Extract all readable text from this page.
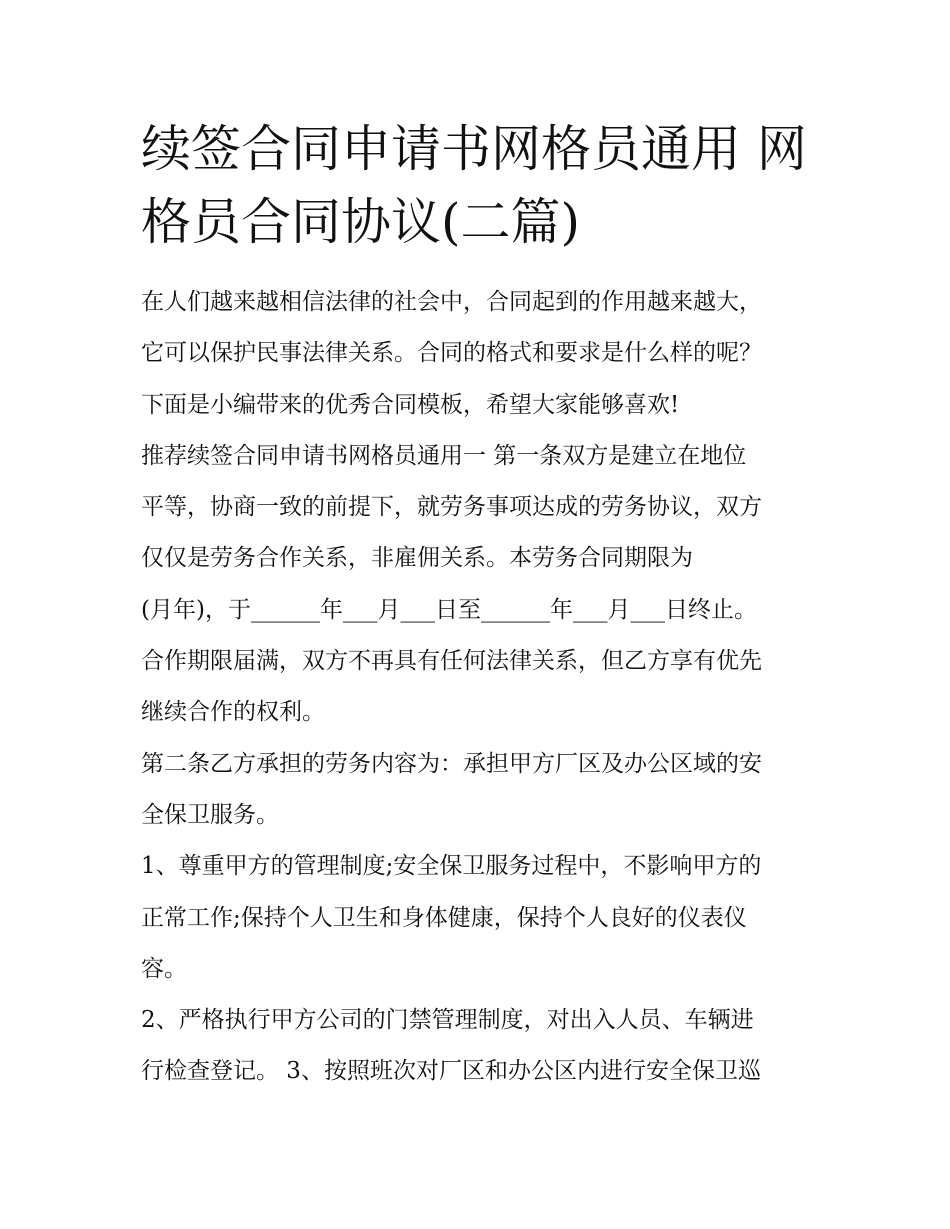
续签合同申请书网格员通用 网
格员合同协议(二篇)
在人们越来越相信法律的社会中，合同起到的作用越来越大，
它可以保护民事法律关系。合同的格式和要求是什么样的呢？
下面是小编带来的优秀合同模板，希望大家能够喜欢!
推荐续签合同申请书网格员通用一 第一条双方是建立在地位
平等，协商一致的前提下，就劳务事项达成的劳务协议，双方
仅仅是劳务合作关系，非雇佣关系。本劳务合同期限为
(月年)，于______年___月___日至______年___月___日终止。
合作期限届满，双方不再具有任何法律关系，但乙方享有优先
继续合作的权利。
第二条乙方承担的劳务内容为：承担甲方厂区及办公区域的安
全保卫服务。
1、尊重甲方的管理制度;安全保卫服务过程中，不影响甲方的
正常工作;保持个人卫生和身体健康，保持个人良好的仪表仪
容。
2、严格执行甲方公司的门禁管理制度，对出入人员、车辆进
行检查登记。 3、按照班次对厂区和办公区内进行安全保卫巡
